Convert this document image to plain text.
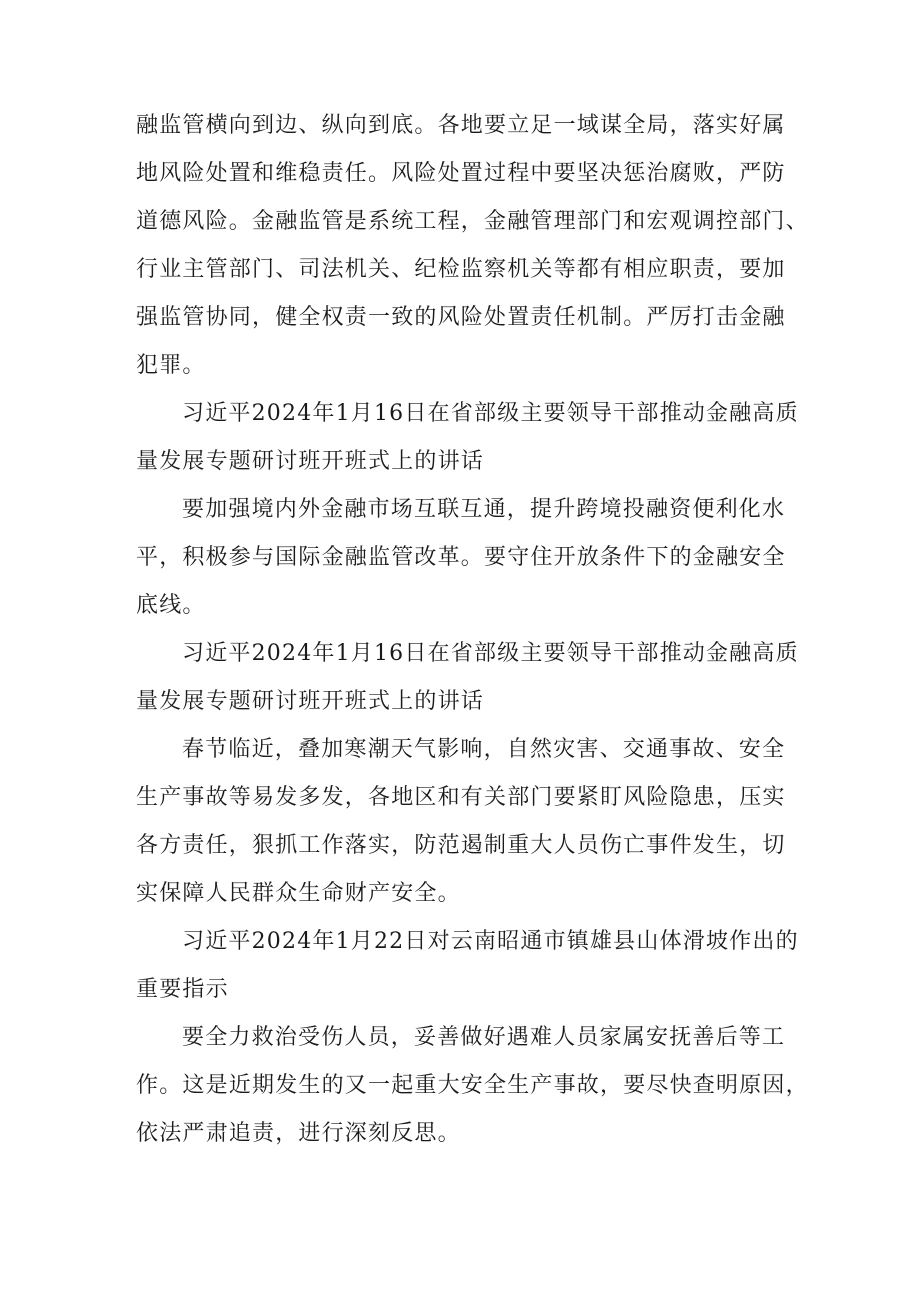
融监管横向到边、纵向到底。各地要立足一域谋全局，落实好属
地风险处置和维稳责任。风险处置过程中要坚决惩治腐败，严防
道德风险。金融监管是系统工程，金融管理部门和宏观调控部门、
行业主管部门、司法机关、纪检监察机关等都有相应职责，要加
强监管协同，健全权责一致的风险处置责任机制。严厉打击金融
犯罪。

习近平2024年1月16日在省部级主要领导干部推动金融高质
量发展专题研讨班开班式上的讲话

要加强境内外金融市场互联互通，提升跨境投融资便利化水
平，积极参与国际金融监管改革。要守住开放条件下的金融安全
底线。

习近平2024年1月16日在省部级主要领导干部推动金融高质
量发展专题研讨班开班式上的讲话

春节临近，叠加寒潮天气影响，自然灾害、交通事故、安全
生产事故等易发多发，各地区和有关部门要紧盯风险隐患，压实
各方责任，狠抓工作落实，防范遏制重大人员伤亡事件发生，切
实保障人民群众生命财产安全。

习近平2024年1月22日对云南昭通市镇雄县山体滑坡作出的
重要指示

要全力救治受伤人员，妥善做好遇难人员家属安抚善后等工
作。这是近期发生的又一起重大安全生产事故，要尽快查明原因，
依法严肃追责，进行深刻反思。
